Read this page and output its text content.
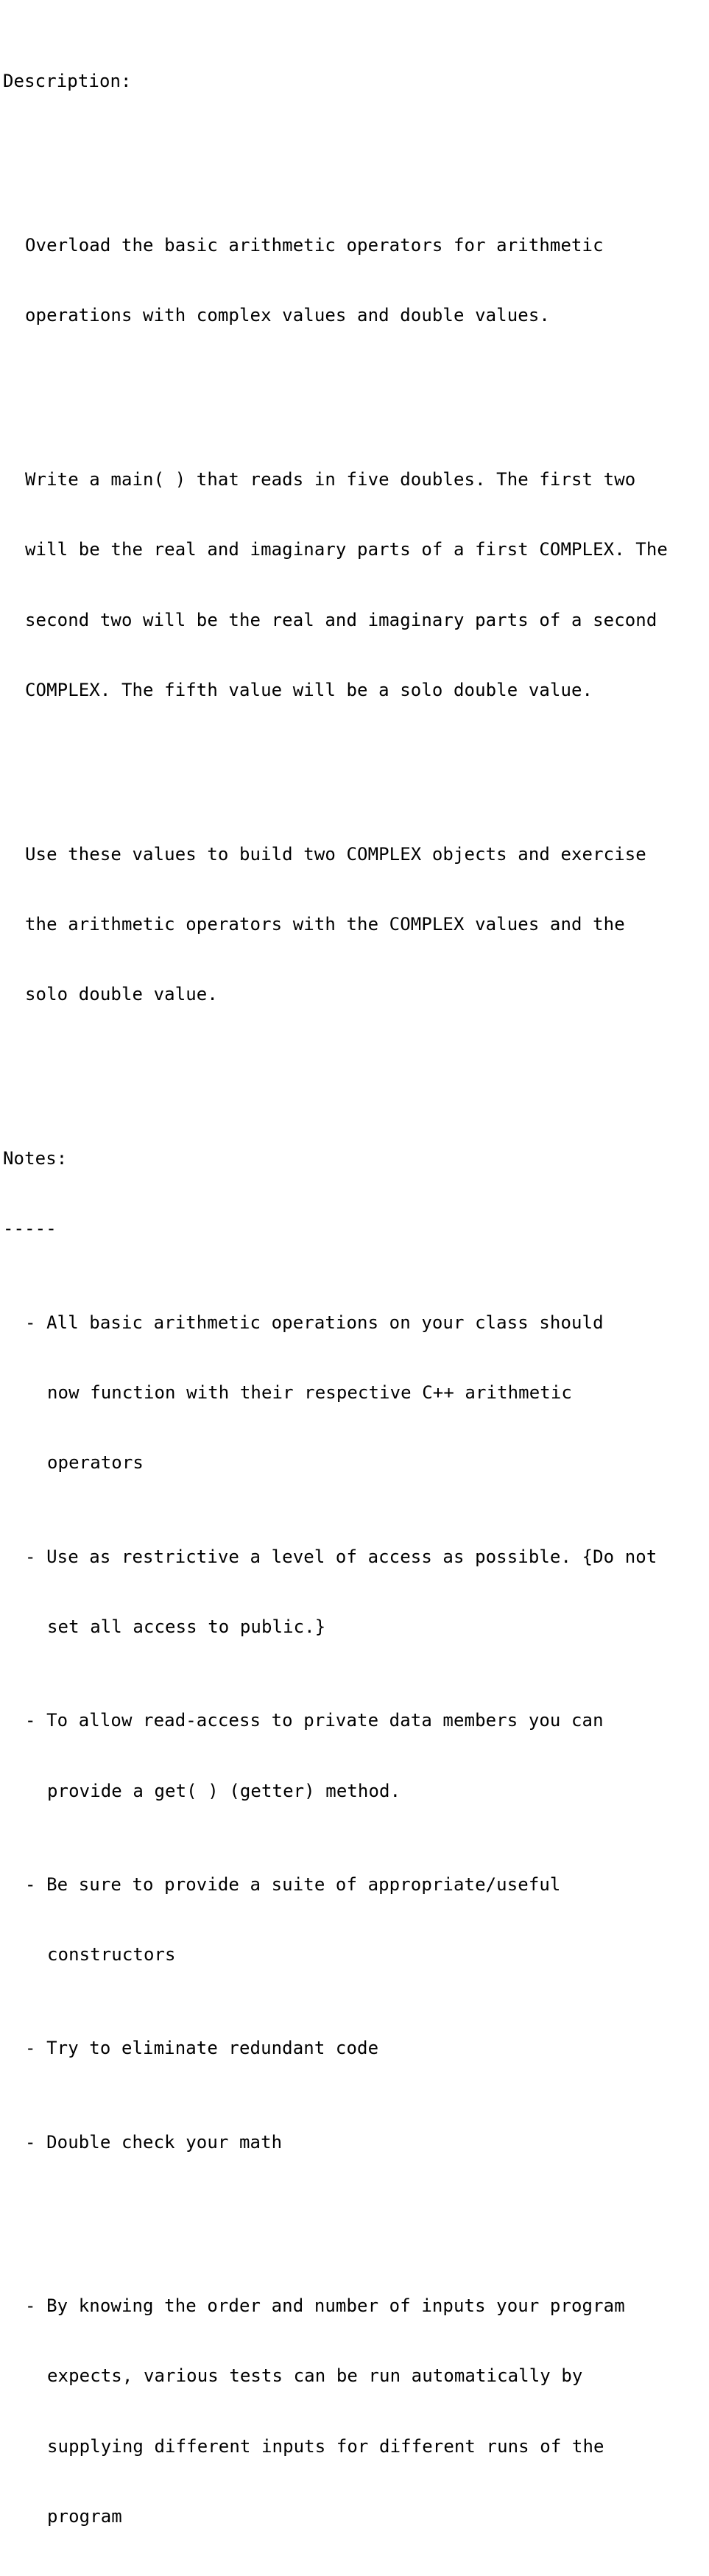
Description:

Overload the basic arithmetic operators for arithmetic

operations with complex values and double values.

Write a main( ) that reads in five doubles. The first two

will be the real and imaginary parts of a first COMPLEX. The

second two will be the real and imaginary parts of a second

COMPLEX. The fifth value will be a solo double value.

Use these values to build two COMPLEX objects and exercise

the arithmetic operators with the COMPLEX values and the

solo double value.

Notes:

-----

- All basic arithmetic operations on your class should

now function with their respective C++ arithmetic

operators

- Use as restrictive a level of access as possible. {Do not

set all access to public.}

- To allow read-access to private data members you can

provide a get( ) (getter) method.

- Be sure to provide a suite of appropriate/useful

constructors

- Try to eliminate redundant code

- Double check your math

- By knowing the order and number of inputs your program

expects, various tests can be run automatically by

supplying different inputs for different runs of the

program
